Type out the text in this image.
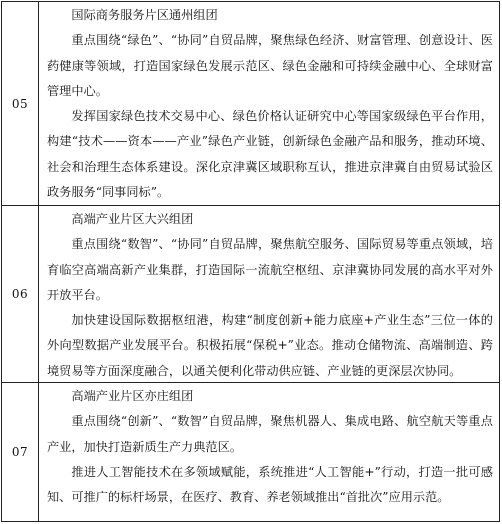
05

国际商务服务片区通州组团

重点围绕“绿色”、“协同”自贸品牌，聚焦绿色经济、财富管理、创意设计、医药健康等领域，打造国家绿色发展示范区、绿色金融和可持续金融中心、全球财富管理中心。

发挥国家绿色技术交易中心、绿色价格认证研究中心等国家级绿色平台作用，构建“技术——资本——产业”绿色产业链，创新绿色金融产品和服务，推动环境、社会和治理生态体系建设。深化京津冀区域职称互认，推进京津冀自由贸易试验区政务服务“同事同标”。

06

高端产业片区大兴组团

重点围绕“数智”、“协同”自贸品牌，聚焦航空服务、国际贸易等重点领域，培育临空高端高新产业集群，打造国际一流航空枢纽、京津冀协同发展的高水平对外开放平台。

加快建设国际数据枢纽港，构建“制度创新+能力底座+产业生态”三位一体的外向型数据产业发展平台。积极拓展“保税+”业态。推动仓储物流、高端制造、跨境贸易等方面深度融合，以通关便利化带动供应链、产业链的更深层次协同。

07

高端产业片区亦庄组团

重点围绕“创新”、“数智”自贸品牌，聚焦机器人、集成电路、航空航天等重点产业，加快打造新质生产力典范区。

推进人工智能技术在多领域赋能，系统推进“人工智能+”行动，打造一批可感知、可推广的标杆场景，在医疗、教育、养老领域推出“首批次”应用示范。
